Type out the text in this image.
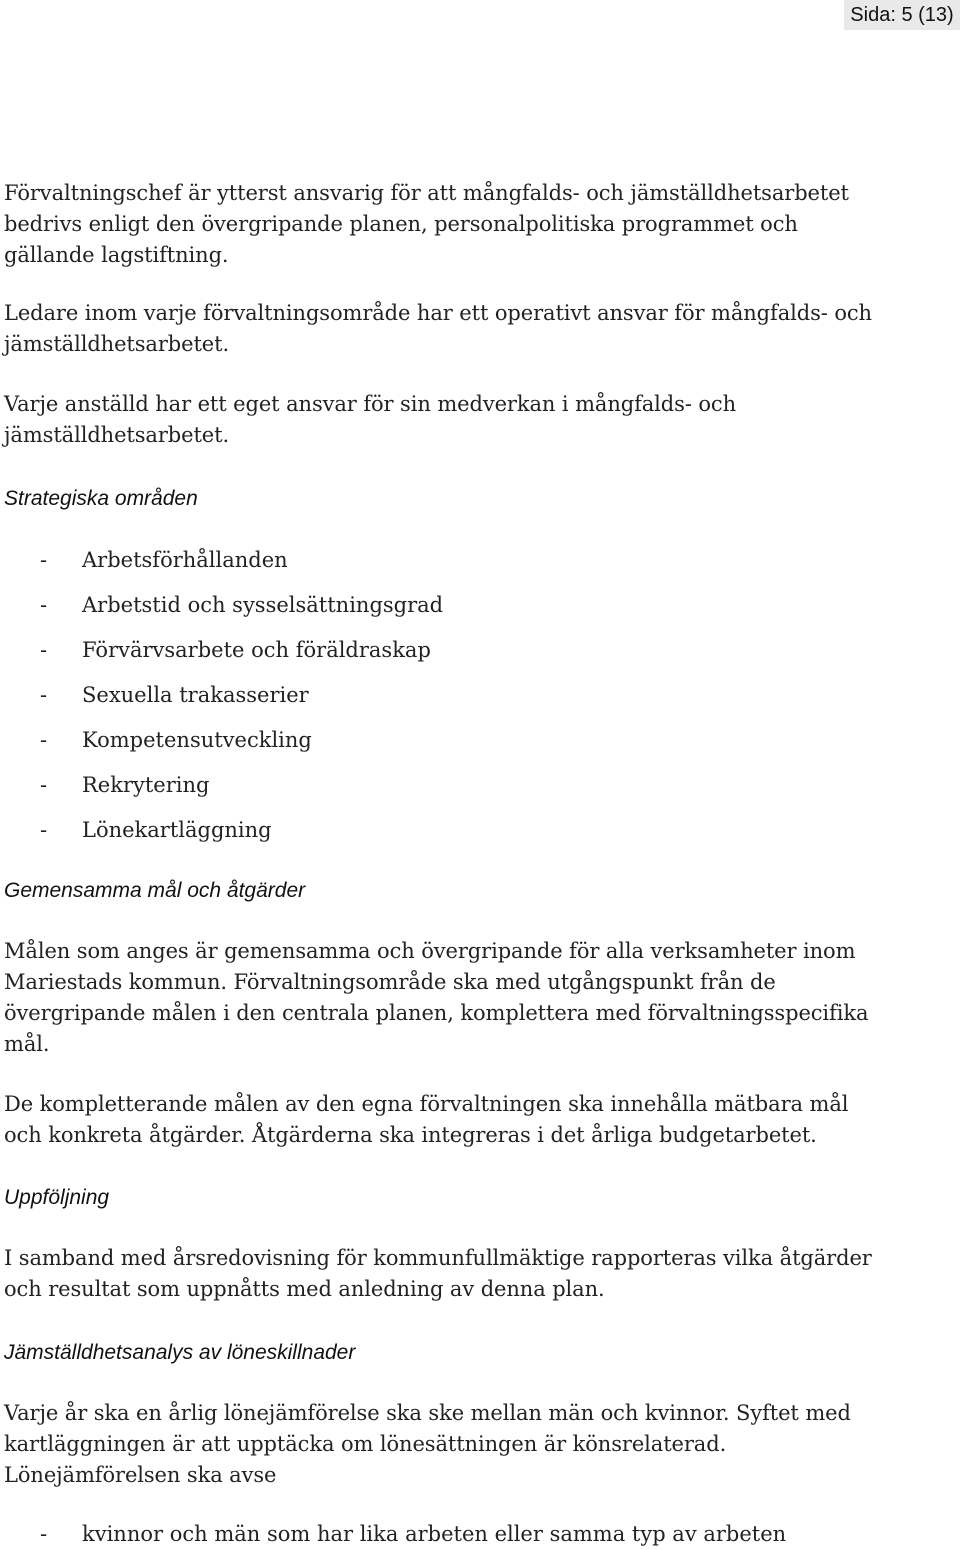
Sida: 5 (13)

Förvaltningschef är ytterst ansvarig för att mångfalds- och jämställdhetsarbetet
bedrivs enligt den övergripande planen, personalpolitiska programmet och
gällande lagstiftning.

Ledare inom varje förvaltningsområde har ett operativt ansvar för mångfalds- och
jämställdhetsarbetet.

Varje anställd har ett eget ansvar för sin medverkan i mångfalds- och
jämställdhetsarbetet.

Strategiska områden
-	Arbetsförhållanden
-	Arbetstid och sysselsättningsgrad
-	Förvärvsarbete och föräldraskap
-	Sexuella trakasserier
-	Kompetensutveckling
-	Rekrytering
-	Lönekartläggning
Gemensamma mål och åtgärder

Målen som anges är gemensamma och övergripande för alla verksamheter inom
Mariestads kommun. Förvaltningsområde ska med utgångspunkt från de
övergripande målen i den centrala planen, komplettera med förvaltningsspecifika
mål.

De kompletterande målen av den egna förvaltningen ska innehålla mätbara mål
och konkreta åtgärder. Åtgärderna ska integreras i det årliga budgetarbetet.

Uppföljning

I samband med årsredovisning för kommunfullmäktige rapporteras vilka åtgärder
och resultat som uppnåtts med anledning av denna plan.

Jämställdhetsanalys av löneskillnader

Varje år ska en årlig lönejämförelse ska ske mellan män och kvinnor. Syftet med
kartläggningen är att upptäcka om lönesättningen är könsrelaterad.
Lönejämförelsen ska avse

-	kvinnor och män som har lika arbeten eller samma typ av arbeten
